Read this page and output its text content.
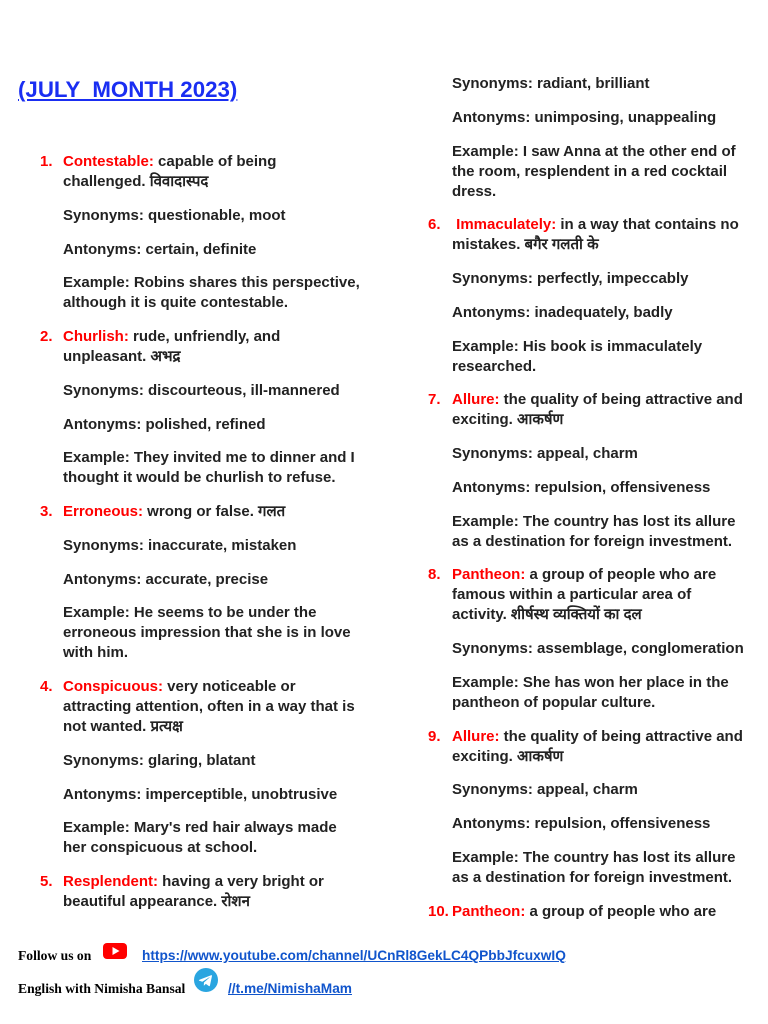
(JULY  MONTH 2023)

1. Contestable: capable of being challenged. विवादास्पद

Synonyms: questionable, moot

Antonyms: certain, definite

Example: Robins shares this perspective, although it is quite contestable.

2. Churlish: rude, unfriendly, and unpleasant. अभद्र

Synonyms: discourteous, ill-mannered

Antonyms: polished, refined

Example: They invited me to dinner and I thought it would be churlish to refuse.

3. Erroneous: wrong or false. गलत

Synonyms: inaccurate, mistaken

Antonyms: accurate, precise

Example: He seems to be under the erroneous impression that she is in love with him.

4. Conspicuous: very noticeable or attracting attention, often in a way that is not wanted. प्रत्यक्ष

Synonyms: glaring, blatant

Antonyms: imperceptible, unobtrusive

Example: Mary's red hair always made her conspicuous at school.

5. Resplendent: having a very bright or beautiful appearance. रोशन

Synonyms: radiant, brilliant

Antonyms: unimposing, unappealing

Example: I saw Anna at the other end of the room, resplendent in a red cocktail dress.

6. Immaculately: in a way that contains no mistakes. बगैर गलती के

Synonyms: perfectly, impeccably

Antonyms: inadequately, badly

Example: His book is immaculately researched.

7. Allure: the quality of being attractive and exciting. आकर्षण

Synonyms: appeal, charm

Antonyms: repulsion, offensiveness

Example: The country has lost its allure as a destination for foreign investment.

8. Pantheon: a group of people who are famous within a particular area of activity. शीर्षस्थ व्यक्तियों का दल

Synonyms: assemblage, conglomeration

Example: She has won her place in the pantheon of popular culture.

9. Allure: the quality of being attractive and exciting. आकर्षण

Synonyms: appeal, charm

Antonyms: repulsion, offensiveness

Example: The country has lost its allure as a destination for foreign investment.

10. Pantheon: a group of people who are

Follow us on	https://www.youtube.com/channel/UCnRl8GekLC4QPbbJfcuxwIQ
English with Nimisha Bansal	//t.me/NimishaMam
